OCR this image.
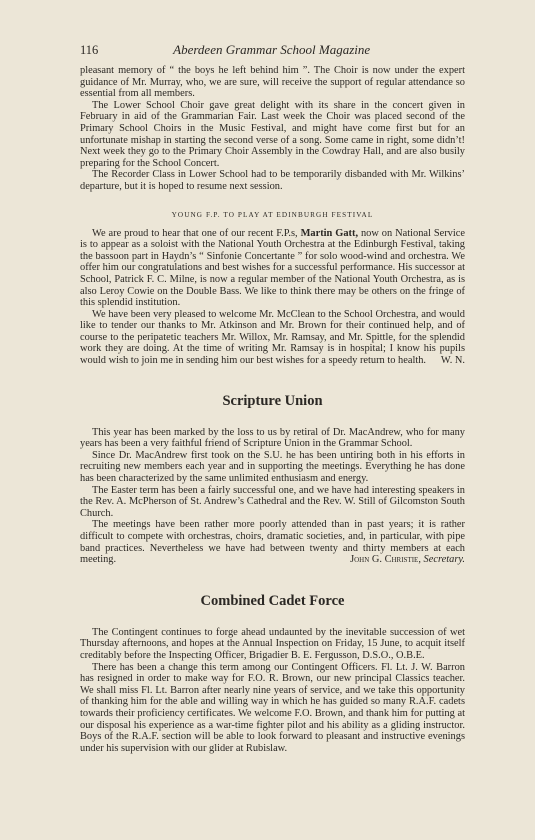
116	Aberdeen Grammar School Magazine

pleasant memory of “ the boys he left behind him ”. The Choir is now under the expert guidance of Mr. Murray, who, we are sure, will receive the support of regular attendance so essential from all members.

The Lower School Choir gave great delight with its share in the concert given in February in aid of the Grammarian Fair. Last week the Choir was placed second of the Primary School Choirs in the Music Festival, and might have come first but for an unfortunate mishap in starting the second verse of a song. Some came in right, some didn’t! Next week they go to the Primary Choir Assembly in the Cowdray Hall, and are also busily preparing for the School Concert.

The Recorder Class in Lower School had to be temporarily disbanded with Mr. Wilkins’ departure, but it is hoped to resume next session.

YOUNG F.P. TO PLAY AT EDINBURGH FESTIVAL

We are proud to hear that one of our recent F.P.s, Martin Gatt, now on National Service is to appear as a soloist with the National Youth Orchestra at the Edinburgh Festival, taking the bassoon part in Haydn’s “ Sinfonie Concertante ” for solo wood-wind and orchestra. We offer him our congratulations and best wishes for a successful performance. His successor at School, Patrick F. C. Milne, is now a regular member of the National Youth Orchestra, as is also Leroy Cowie on the Double Bass. We like to think there may be others on the fringe of this splendid institution.

We have been very pleased to welcome Mr. McClean to the School Orchestra, and would like to tender our thanks to Mr. Atkinson and Mr. Brown for their continued help, and of course to the peripatetic teachers Mr. Willox, Mr. Ramsay, and Mr. Spittle, for the splendid work they are doing. At the time of writing Mr. Ramsay is in hospital; I know his pupils would wish to join me in sending him our best wishes for a speedy return to health. W. N.

Scripture Union

This year has been marked by the loss to us by retiral of Dr. MacAndrew, who for many years has been a very faithful friend of Scripture Union in the Grammar School.

Since Dr. MacAndrew first took on the S.U. he has been untiring both in his efforts in recruiting new members each year and in supporting the meetings. Everything he has done has been characterized by the same unlimited enthusiasm and energy.

The Easter term has been a fairly successful one, and we have had interesting speakers in the Rev. A. McPherson of St. Andrew’s Cathedral and the Rev. W. Still of Gilcomston South Church.

The meetings have been rather more poorly attended than in past years; it is rather difficult to compete with orchestras, choirs, dramatic societies, and, in particular, with pipe band practices. Nevertheless we have had between twenty and thirty members at each meeting.	John G. Christie, Secretary.

Combined Cadet Force

The Contingent continues to forge ahead undaunted by the inevitable succession of wet Thursday afternoons, and hopes at the Annual Inspection on Friday, 15 June, to acquit itself creditably before the Inspecting Officer, Brigadier B. E. Fergusson, D.S.O., O.B.E.

There has been a change this term among our Contingent Officers. Fl. Lt. J. W. Barron has resigned in order to make way for F.O. R. Brown, our new principal Classics teacher. We shall miss Fl. Lt. Barron after nearly nine years of service, and we take this opportunity of thanking him for the able and willing way in which he has guided so many R.A.F. cadets towards their proficiency certificates. We welcome F.O. Brown, and thank him for putting at our disposal his experience as a war-time fighter pilot and his ability as a gliding instructor. Boys of the R.A.F. section will be able to look forward to pleasant and instructive evenings under his supervision with our glider at Rubislaw.
